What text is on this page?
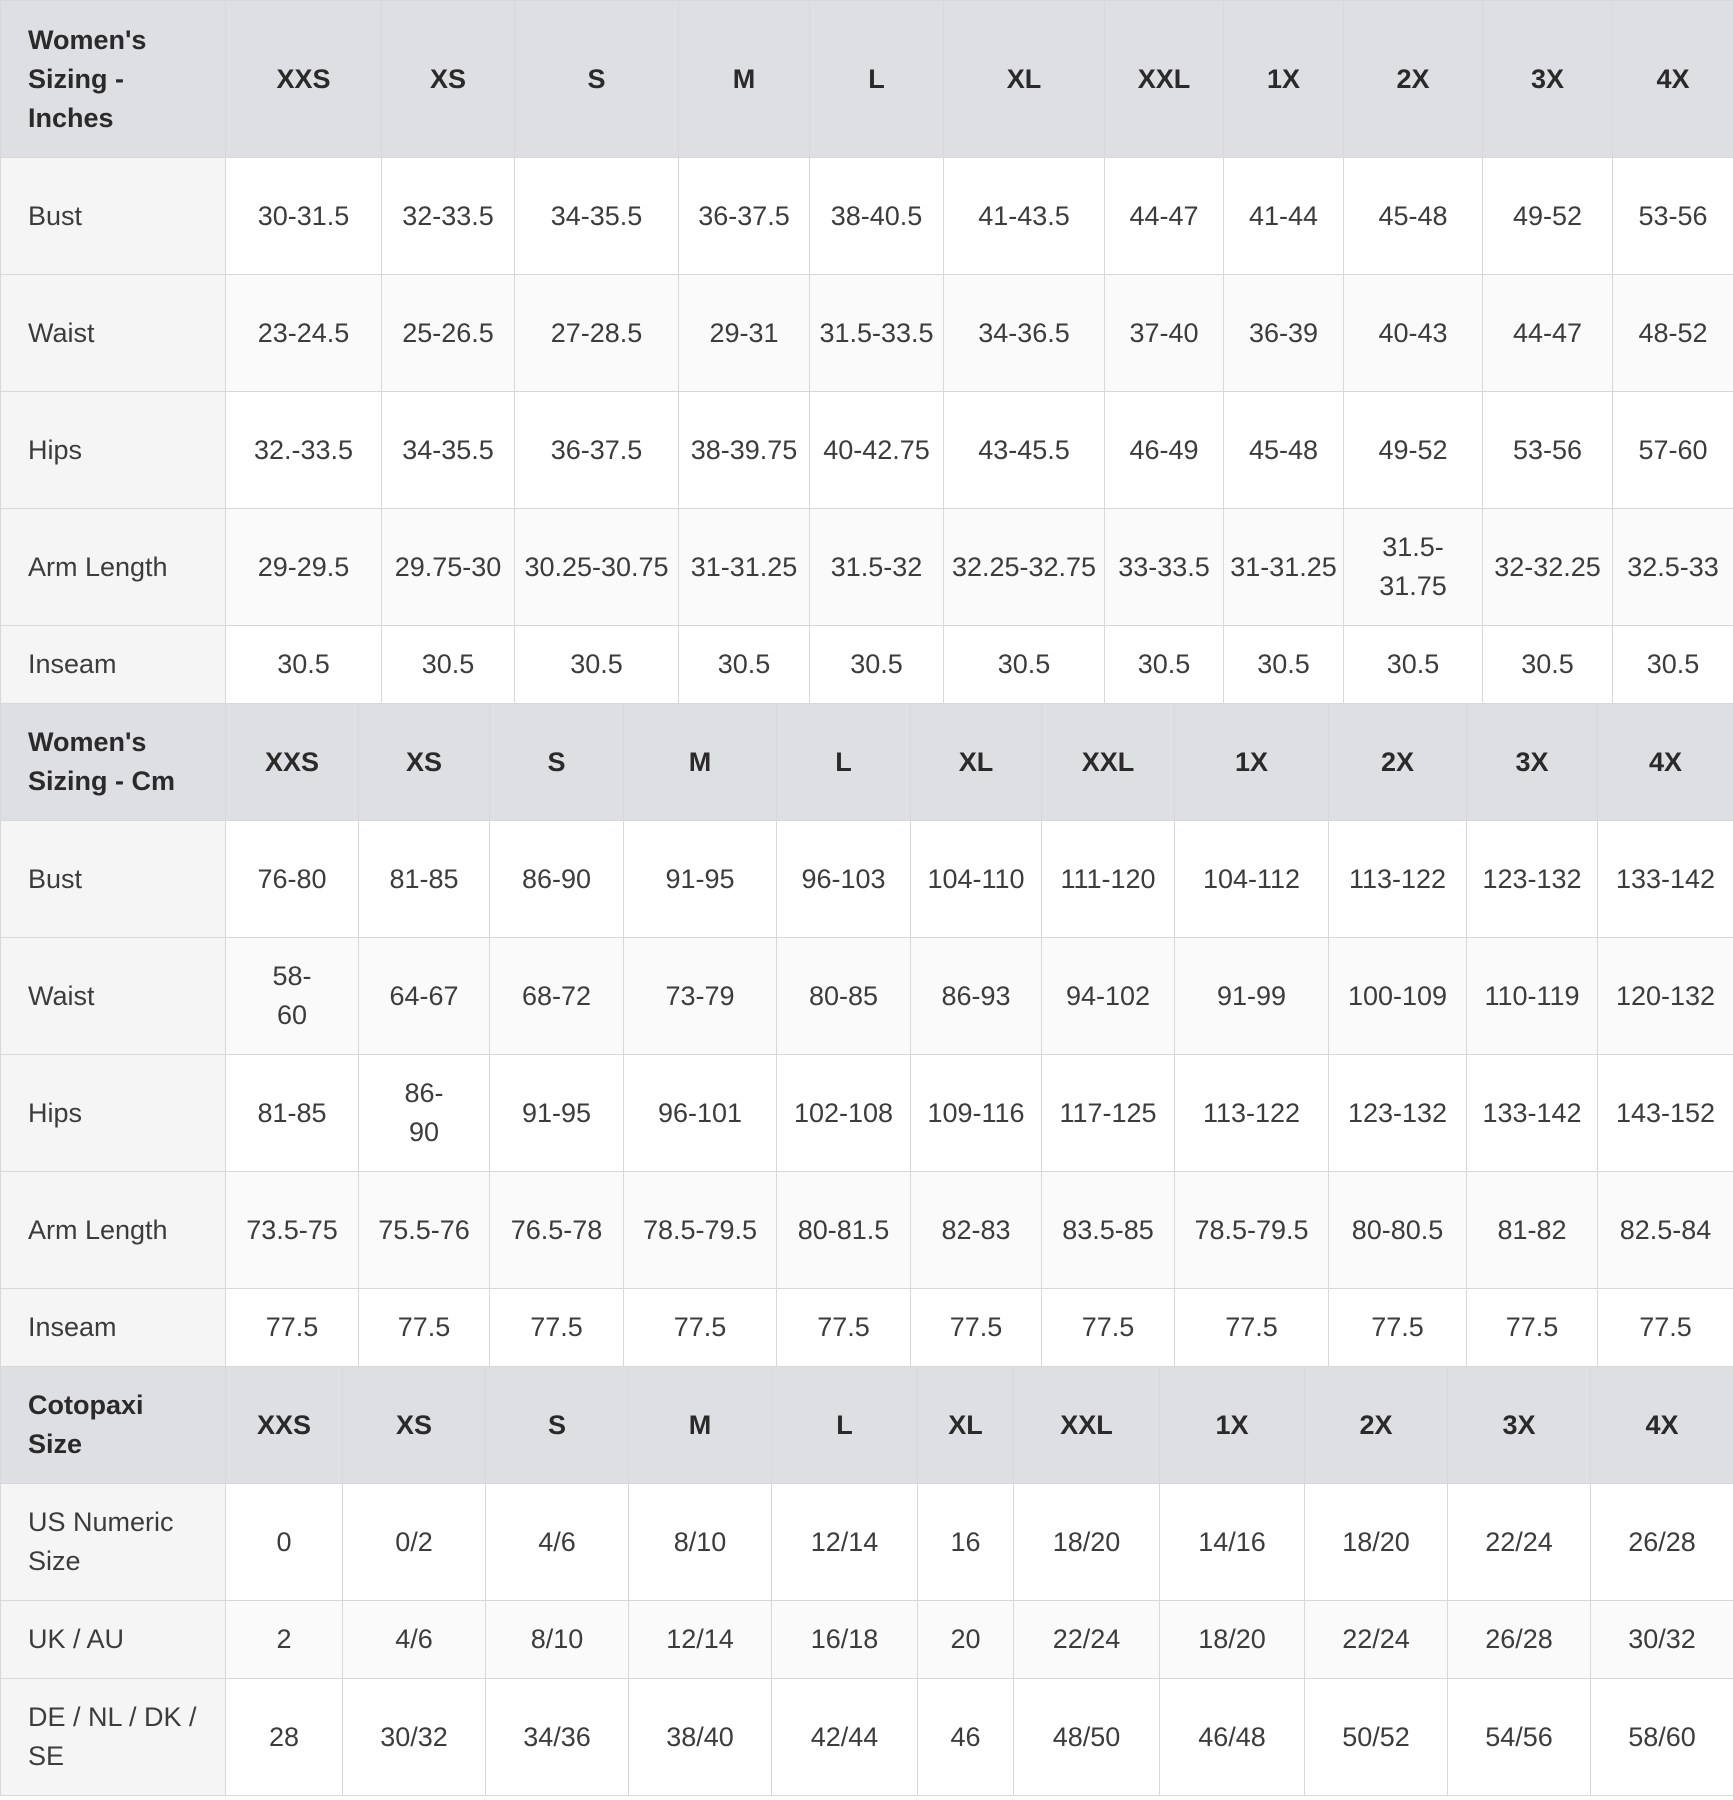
Women's Sizing - Inches	XXS	XS	S	M	L	XL	XXL	1X	2X	3X	4X
Bust	30-31.5	32-33.5	34-35.5	36-37.5	38-40.5	41-43.5	44-47	41-44	45-48	49-52	53-56
Waist	23-24.5	25-26.5	27-28.5	29-31	31.5-33.5	34-36.5	37-40	36-39	40-43	44-47	48-52
Hips	32.-33.5	34-35.5	36-37.5	38-39.75	40-42.75	43-45.5	46-49	45-48	49-52	53-56	57-60
Arm Length	29-29.5	29.75-30	30.25-30.75	31-31.25	31.5-32	32.25-32.75	33-33.5	31-31.25	31.5-31.75	32-32.25	32.5-33
Inseam	30.5	30.5	30.5	30.5	30.5	30.5	30.5	30.5	30.5	30.5	30.5
Women's Sizing - Cm	XXS	XS	S	M	L	XL	XXL	1X	2X	3X	4X
Bust	76-80	81-85	86-90	91-95	96-103	104-110	111-120	104-112	113-122	123-132	133-142
Waist	58-60	64-67	68-72	73-79	80-85	86-93	94-102	91-99	100-109	110-119	120-132
Hips	81-85	86-90	91-95	96-101	102-108	109-116	117-125	113-122	123-132	133-142	143-152
Arm Length	73.5-75	75.5-76	76.5-78	78.5-79.5	80-81.5	82-83	83.5-85	78.5-79.5	80-80.5	81-82	82.5-84
Inseam	77.5	77.5	77.5	77.5	77.5	77.5	77.5	77.5	77.5	77.5	77.5
Cotopaxi Size	XXS	XS	S	M	L	XL	XXL	1X	2X	3X	4X
US Numeric Size	0	0/2	4/6	8/10	12/14	16	18/20	14/16	18/20	22/24	26/28
UK / AU	2	4/6	8/10	12/14	16/18	20	22/24	18/20	22/24	26/28	30/32
DE / NL / DK / SE	28	30/32	34/36	38/40	42/44	46	48/50	46/48	50/52	54/56	58/60
